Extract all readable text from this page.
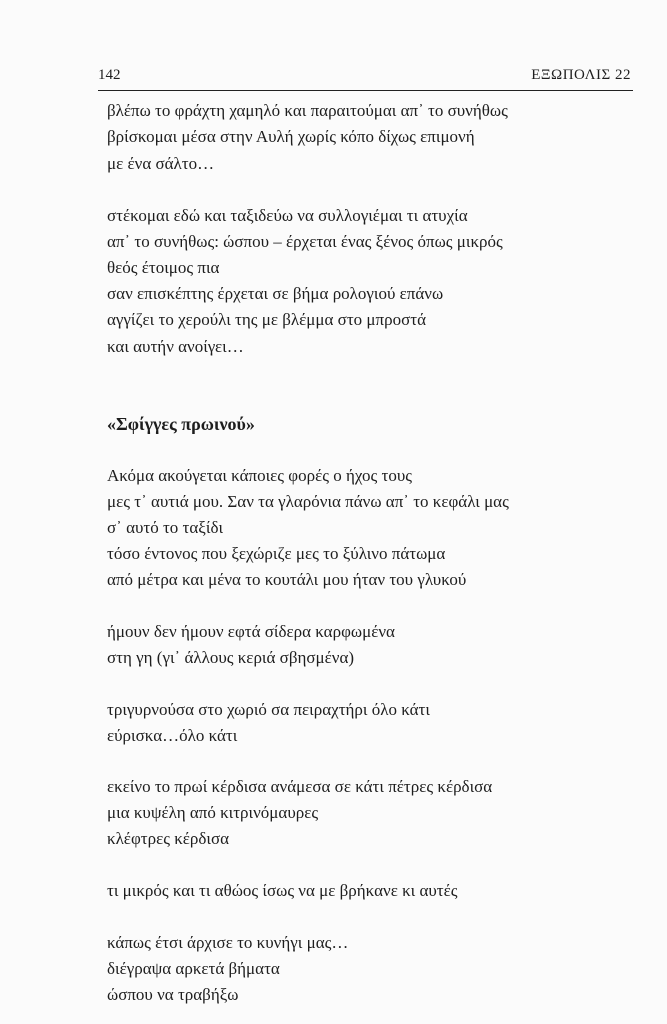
142	ΕΞΩΠΟΛΙΣ 22
βλέπω το φράχτη χαμηλό και παραιτούμαι απ᾽ το συνήθως
βρίσκομαι μέσα στην Αυλή χωρίς κόπο δίχως επιμονή
με ένα σάλτο…
στέκομαι εδώ και ταξιδεύω να συλλογιέμαι τι ατυχία
απ᾽ το συνήθως: ώσπου – έρχεται ένας ξένος όπως μικρός
θεός έτοιμος πια
σαν επισκέπτης έρχεται σε βήμα ρολογιού επάνω
αγγίζει το χερούλι της με βλέμμα στο μπροστά
και αυτήν ανοίγει…
«Σφίγγες πρωινού»
Ακόμα ακούγεται κάποιες φορές ο ήχος τους
μες τ᾽ αυτιά μου. Σαν τα γλαρόνια πάνω απ᾽ το κεφάλι μας
σ᾽ αυτό το ταξίδι
τόσο έντονος που ξεχώριζε μες το ξύλινο πάτωμα
από μέτρα και μένα το κουτάλι μου ήταν του γλυκού
ήμουν δεν ήμουν εφτά σίδερα καρφωμένα
στη γη (γι᾽ άλλους κεριά σβησμένα)
τριγυρνούσα στο χωριό σα πειραχτήρι όλο κάτι
εύρισκα…όλο κάτι
εκείνο το πρωί κέρδισα ανάμεσα σε κάτι πέτρες κέρδισα
μια κυψέλη από κιτρινόμαυρες
κλέφτρες κέρδισα
τι μικρός και τι αθώος ίσως να με βρήκανε κι αυτές
κάπως έτσι άρχισε το κυνήγι μας…
διέγραψα αρκετά βήματα
ώσπου να τραβήξω
